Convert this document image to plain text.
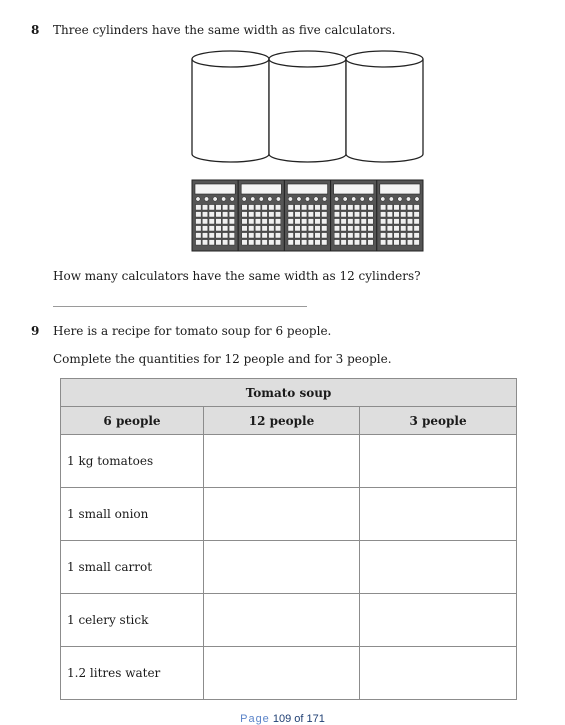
8 Three cylinders have the same width as five calculators.
How many calculators have the same width as 12 cylinders?
9 Here is a recipe for tomato soup for 6 people.
Complete the quantities for 12 people and for 3 people.
Tomato soup		
6 people	12 people	3 people
1 kg tomatoes		
1 small onion		
1 small carrot		
1 celery stick		
1.2 litres water		
Page 109 of 171
